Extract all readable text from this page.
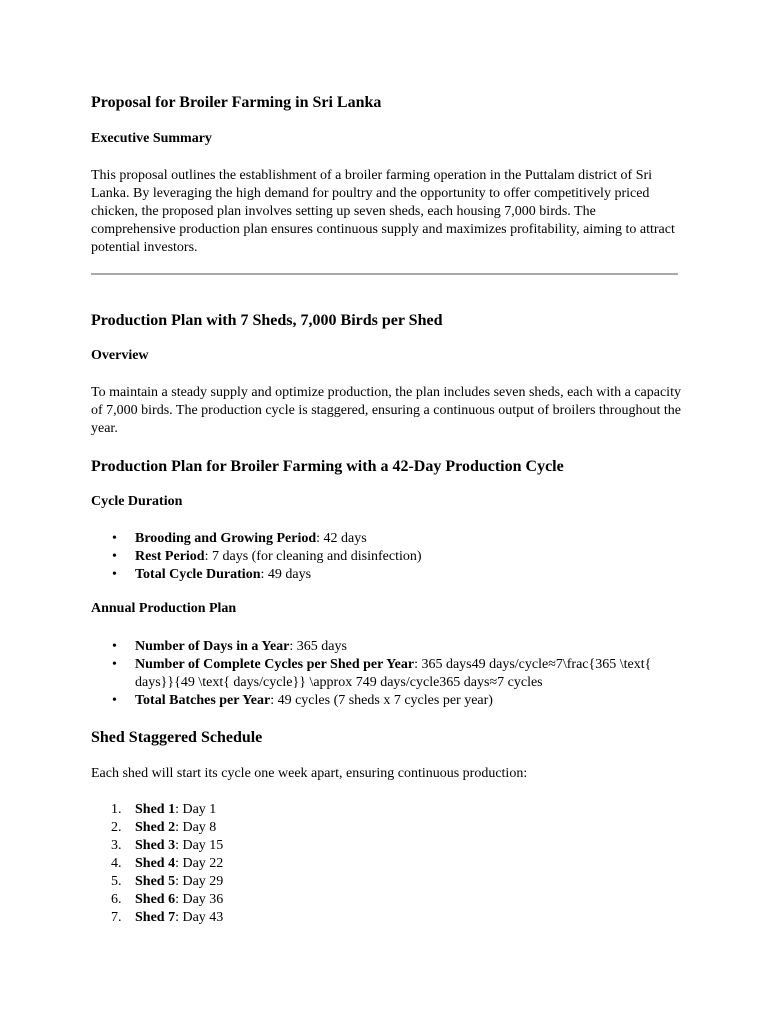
Proposal for Broiler Farming in Sri Lanka
Executive Summary
This proposal outlines the establishment of a broiler farming operation in the Puttalam district of Sri Lanka. By leveraging the high demand for poultry and the opportunity to offer competitively priced chicken, the proposed plan involves setting up seven sheds, each housing 7,000 birds. The comprehensive production plan ensures continuous supply and maximizes profitability, aiming to attract potential investors.
Production Plan with 7 Sheds, 7,000 Birds per Shed
Overview
To maintain a steady supply and optimize production, the plan includes seven sheds, each with a capacity of 7,000 birds. The production cycle is staggered, ensuring a continuous output of broilers throughout the year.
Production Plan for Broiler Farming with a 42-Day Production Cycle
Cycle Duration
• Brooding and Growing Period: 42 days
• Rest Period: 7 days (for cleaning and disinfection)
• Total Cycle Duration: 49 days
Annual Production Plan
• Number of Days in a Year: 365 days
• Number of Complete Cycles per Shed per Year: 365 days49 days/cycle≈7\frac{365 \text{ days}}{49 \text{ days/cycle}} \approx 749 days/cycle365 days≈7 cycles
• Total Batches per Year: 49 cycles (7 sheds x 7 cycles per year)
Shed Staggered Schedule
Each shed will start its cycle one week apart, ensuring continuous production:
1. Shed 1: Day 1
2. Shed 2: Day 8
3. Shed 3: Day 15
4. Shed 4: Day 22
5. Shed 5: Day 29
6. Shed 6: Day 36
7. Shed 7: Day 43
